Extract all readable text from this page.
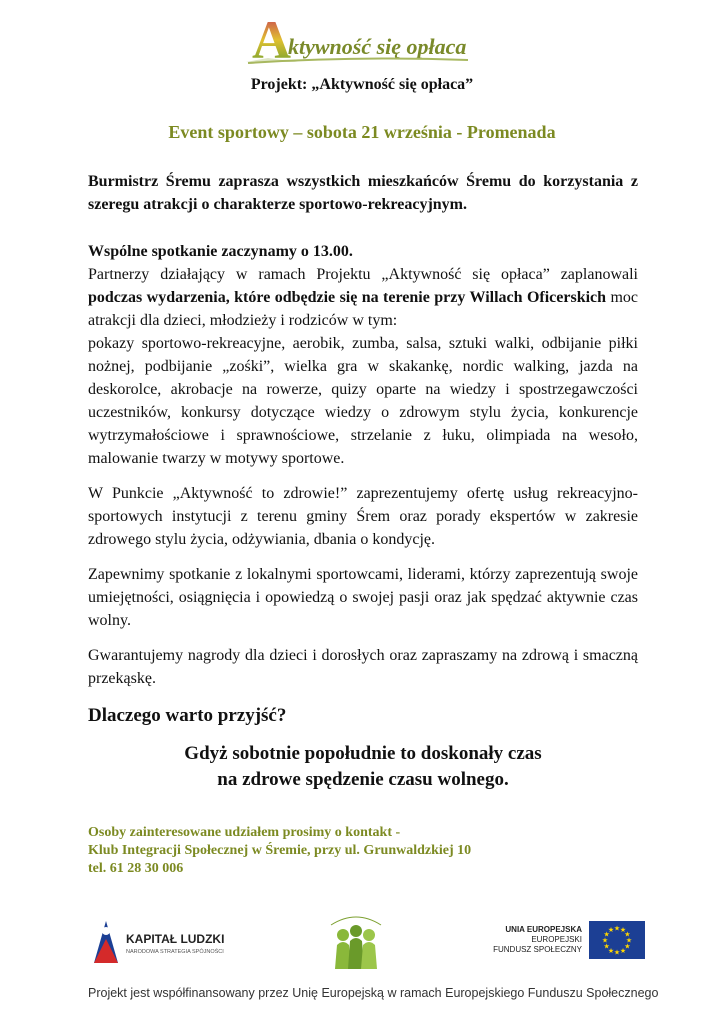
A
ktywność się opłaca
Projekt: „Aktywność się opłaca”
Event sportowy – sobota 21 września - Promenada

Burmistrz Śremu zaprasza wszystkich mieszkańców Śremu do korzystania z szeregu atrakcji o charakterze sportowo-rekreacyjnym.

Wspólne spotkanie zaczynamy o 13.00.

Partnerzy działający w ramach Projektu „Aktywność się opłaca” zaplanowali podczas wydarzenia, które odbędzie się na terenie przy Willach Oficerskich moc atrakcji dla dzieci, młodzieży i rodziców w tym:

pokazy sportowo-rekreacyjne, aerobik, zumba, salsa, sztuki walki, odbijanie piłki nożnej, podbijanie „zośki”, wielka gra w skakankę, nordic walking, jazda na deskorolce, akrobacje na rowerze, quizy oparte na wiedzy i spostrzegawczości uczestników, konkursy dotyczące wiedzy o zdrowym stylu życia, konkurencje wytrzymałościowe i sprawnościowe, strzelanie z łuku, olimpiada na wesoło, malowanie twarzy w motywy sportowe.

W Punkcie „Aktywność to zdrowie!” zaprezentujemy ofertę usług rekreacyjno-sportowych instytucji z terenu gminy Śrem oraz porady ekspertów w zakresie zdrowego stylu życia, odżywiania, dbania o kondycję.

Zapewnimy spotkanie z lokalnymi sportowcami, liderami, którzy zaprezentują swoje umiejętności, osiągnięcia i opowiedzą o swojej pasji oraz jak spędzać aktywnie czas wolny.

Gwarantujemy nagrody dla dzieci i dorosłych oraz zapraszamy na zdrową i smaczną przekąskę.

Dlaczego warto przyjść?

Gdyż sobotnie popołudnie to doskonały czas
na zdrowe spędzenie czasu wolnego.

Osoby zainteresowane udziałem prosimy o kontakt -
Klub Integracji Społecznej w Śremie, przy ul. Grunwaldzkiej 10
tel. 61 28 30 006
KAPITAŁ LUDZKI
NARODOWA STRATEGIA SPÓJNOŚCI
UNIA EUROPEJSKA
EUROPEJSKI
FUNDUSZ SPOŁECZNY
★ ★
★
★
★
★
★
★
★
★
★
★
Projekt jest współfinansowany przez Unię Europejską w ramach Europejskiego Funduszu Społecznego
